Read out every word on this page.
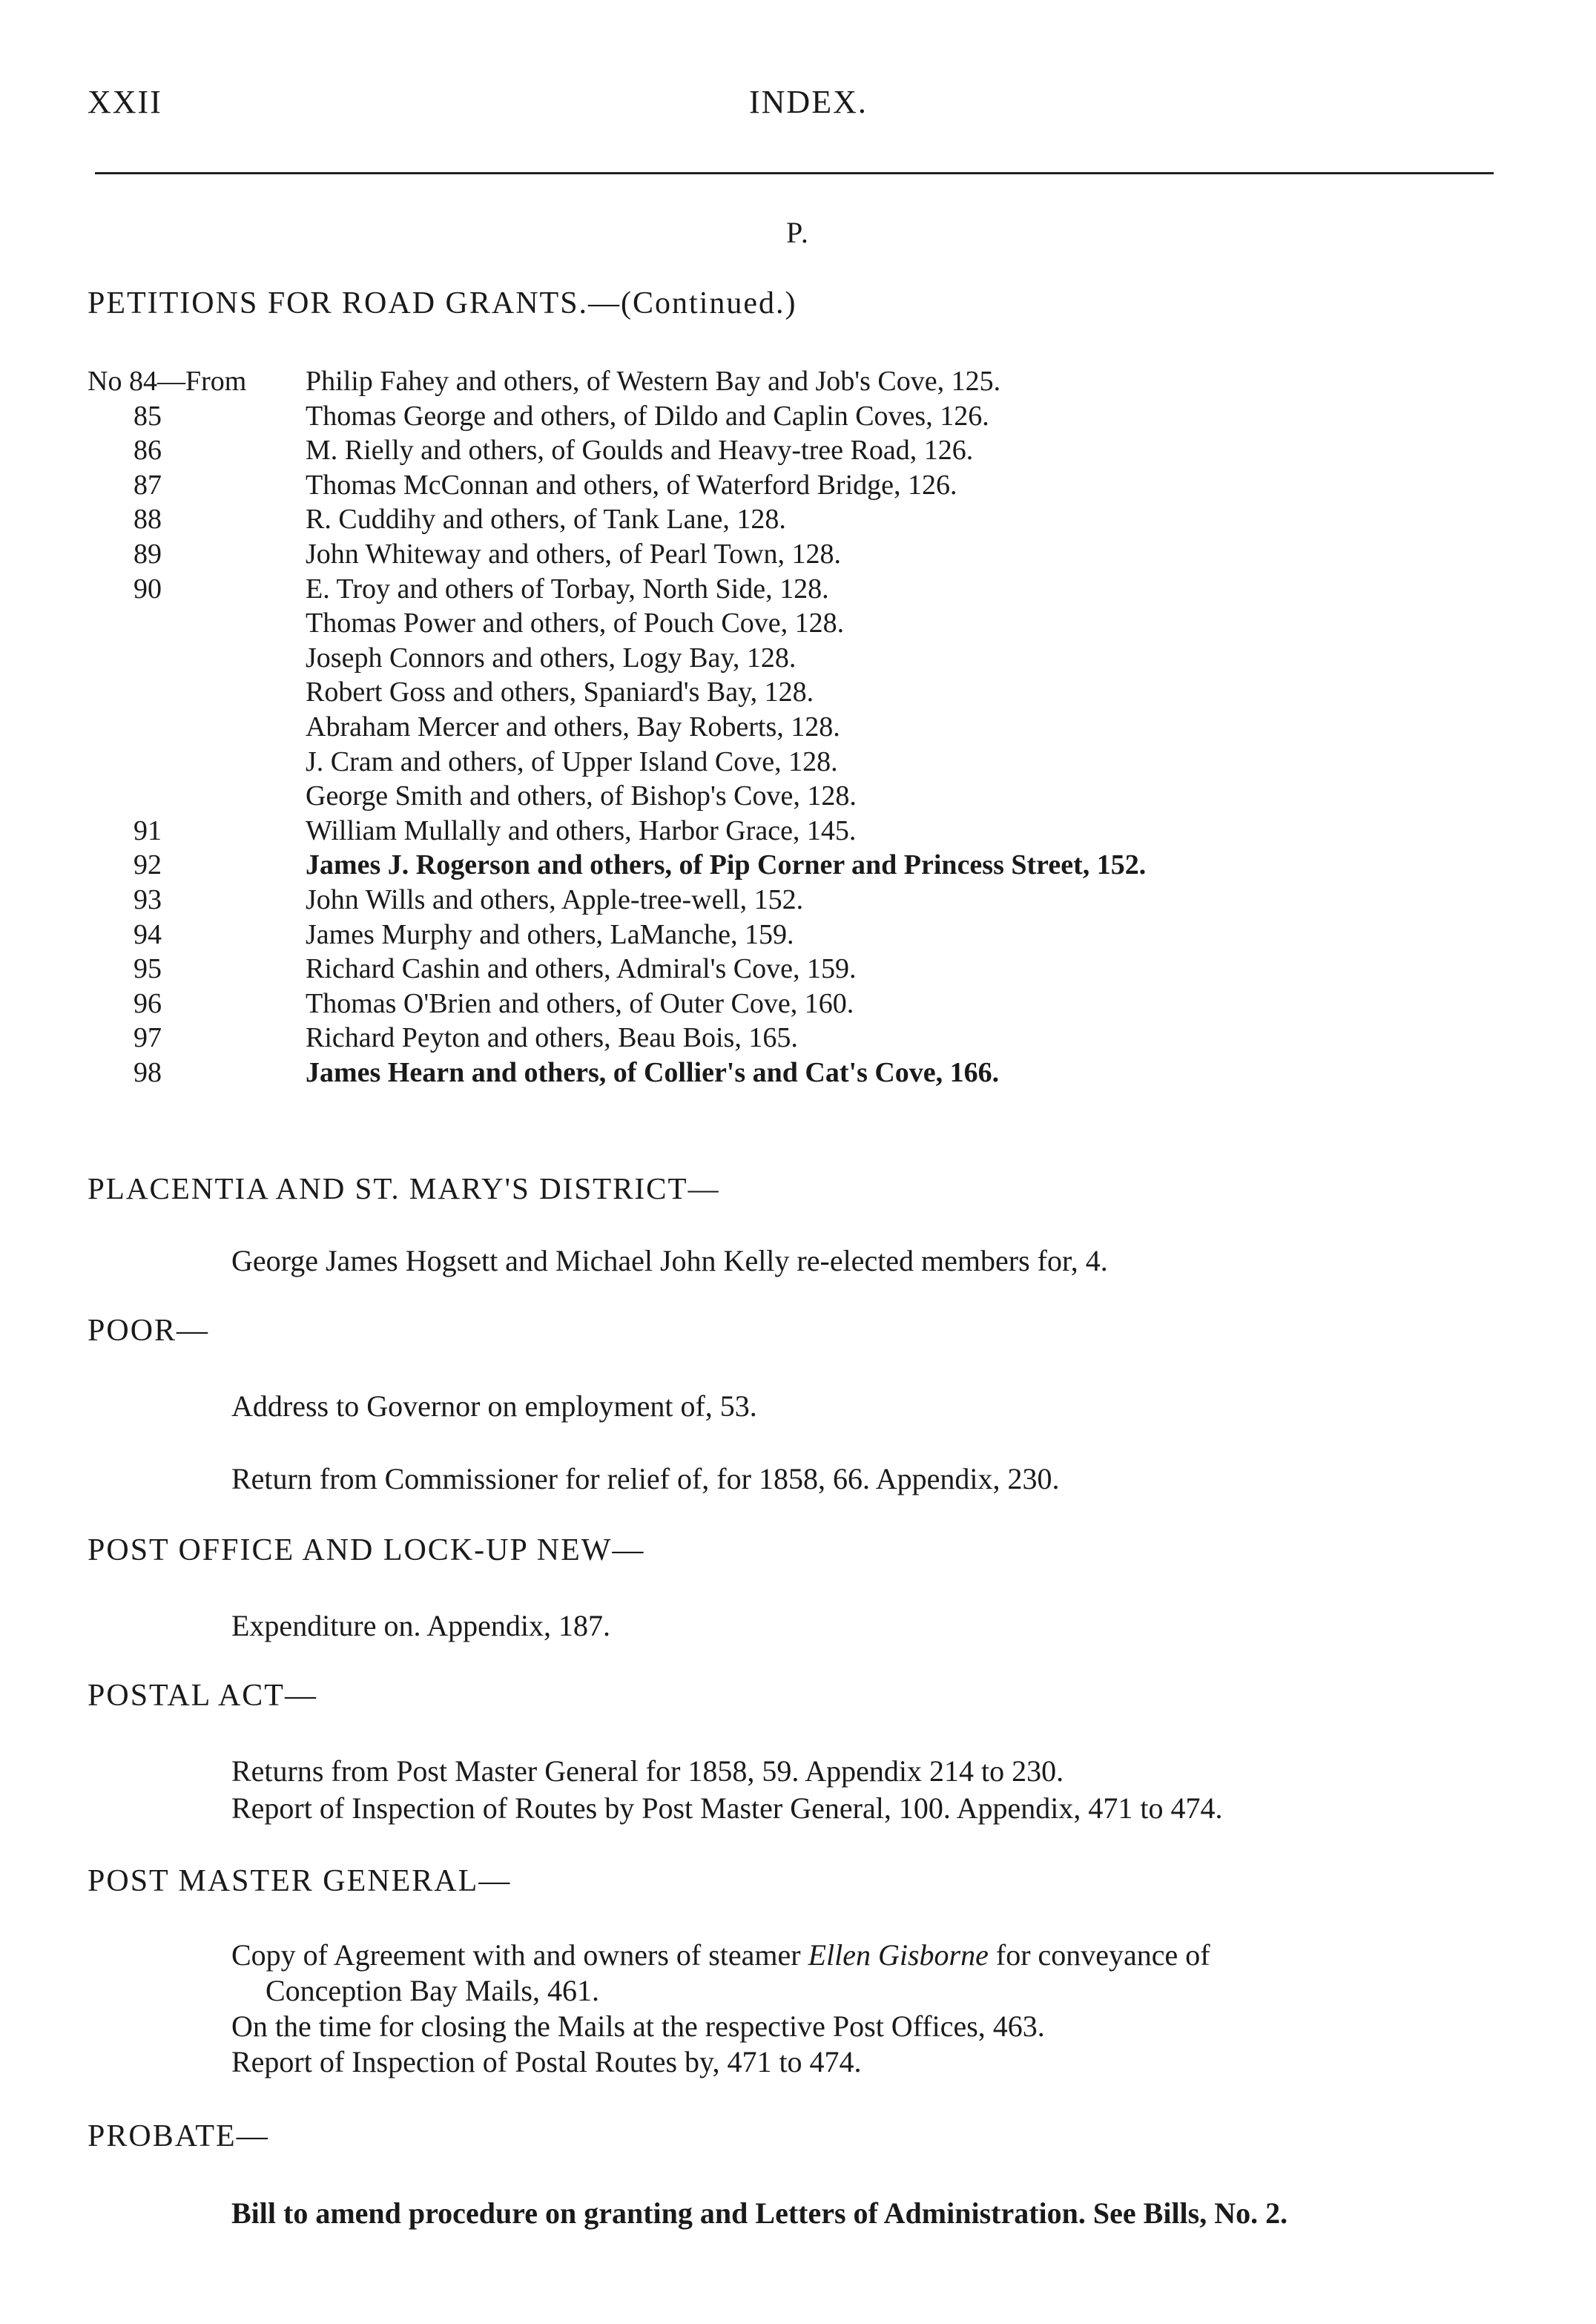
XXII	INDEX.
P.
PETITIONS FOR ROAD GRANTS.—(Continued.)
No 84—From Philip Fahey and others, of Western Bay and Job's Cove, 125.
85	Thomas George and others, of Dildo and Caplin Coves, 126.
86	M. Rielly and others, of Goulds and Heavy-tree Road, 126.
87	Thomas McConnan and others, of Waterford Bridge, 126.
88	R. Cuddihy and others, of Tank Lane, 128.
89	John Whiteway and others, of Pearl Town, 128.
90	E. Troy and others of Torbay, North Side, 128.
Thomas Power and others, of Pouch Cove, 128.
Joseph Connors and others, Logy Bay, 128.
Robert Goss and others, Spaniard's Bay, 128.
Abraham Mercer and others, Bay Roberts, 128.
J. Cram and others, of Upper Island Cove, 128.
George Smith and others, of Bishop's Cove, 128.
91	William Mullally and others, Harbor Grace, 145.
92	James J. Rogerson and others, of Pip Corner and Princess Street, 152.
93	John Wills and others, Apple-tree-well, 152.
94	James Murphy and others, LaManche, 159.
95	Richard Cashin and others, Admiral's Cove, 159.
96	Thomas O'Brien and others, of Outer Cove, 160.
97	Richard Peyton and others, Beau Bois, 165.
98	James Hearn and others, of Collier's and Cat's Cove, 166.
PLACENTIA AND ST. MARY'S DISTRICT—
George James Hogsett and Michael John Kelly re-elected members for, 4.
POOR—
Address to Governor on employment of, 53.
Return from Commissioner for relief of, for 1858, 66. Appendix, 230.
POST OFFICE AND LOCK-UP NEW—
Expenditure on. Appendix, 187.
POSTAL ACT—
Returns from Post Master General for 1858, 59. Appendix 214 to 230.
Report of Inspection of Routes by Post Master General, 100. Appendix, 471 to 474.
POST MASTER GENERAL—
Copy of Agreement with and owners of steamer Ellen Gisborne for conveyance of
Conception Bay Mails, 461.
On the time for closing the Mails at the respective Post Offices, 463.
Report of Inspection of Postal Routes by, 471 to 474.
PROBATE—
Bill to amend procedure on granting and Letters of Administration. See Bills, No. 2.
